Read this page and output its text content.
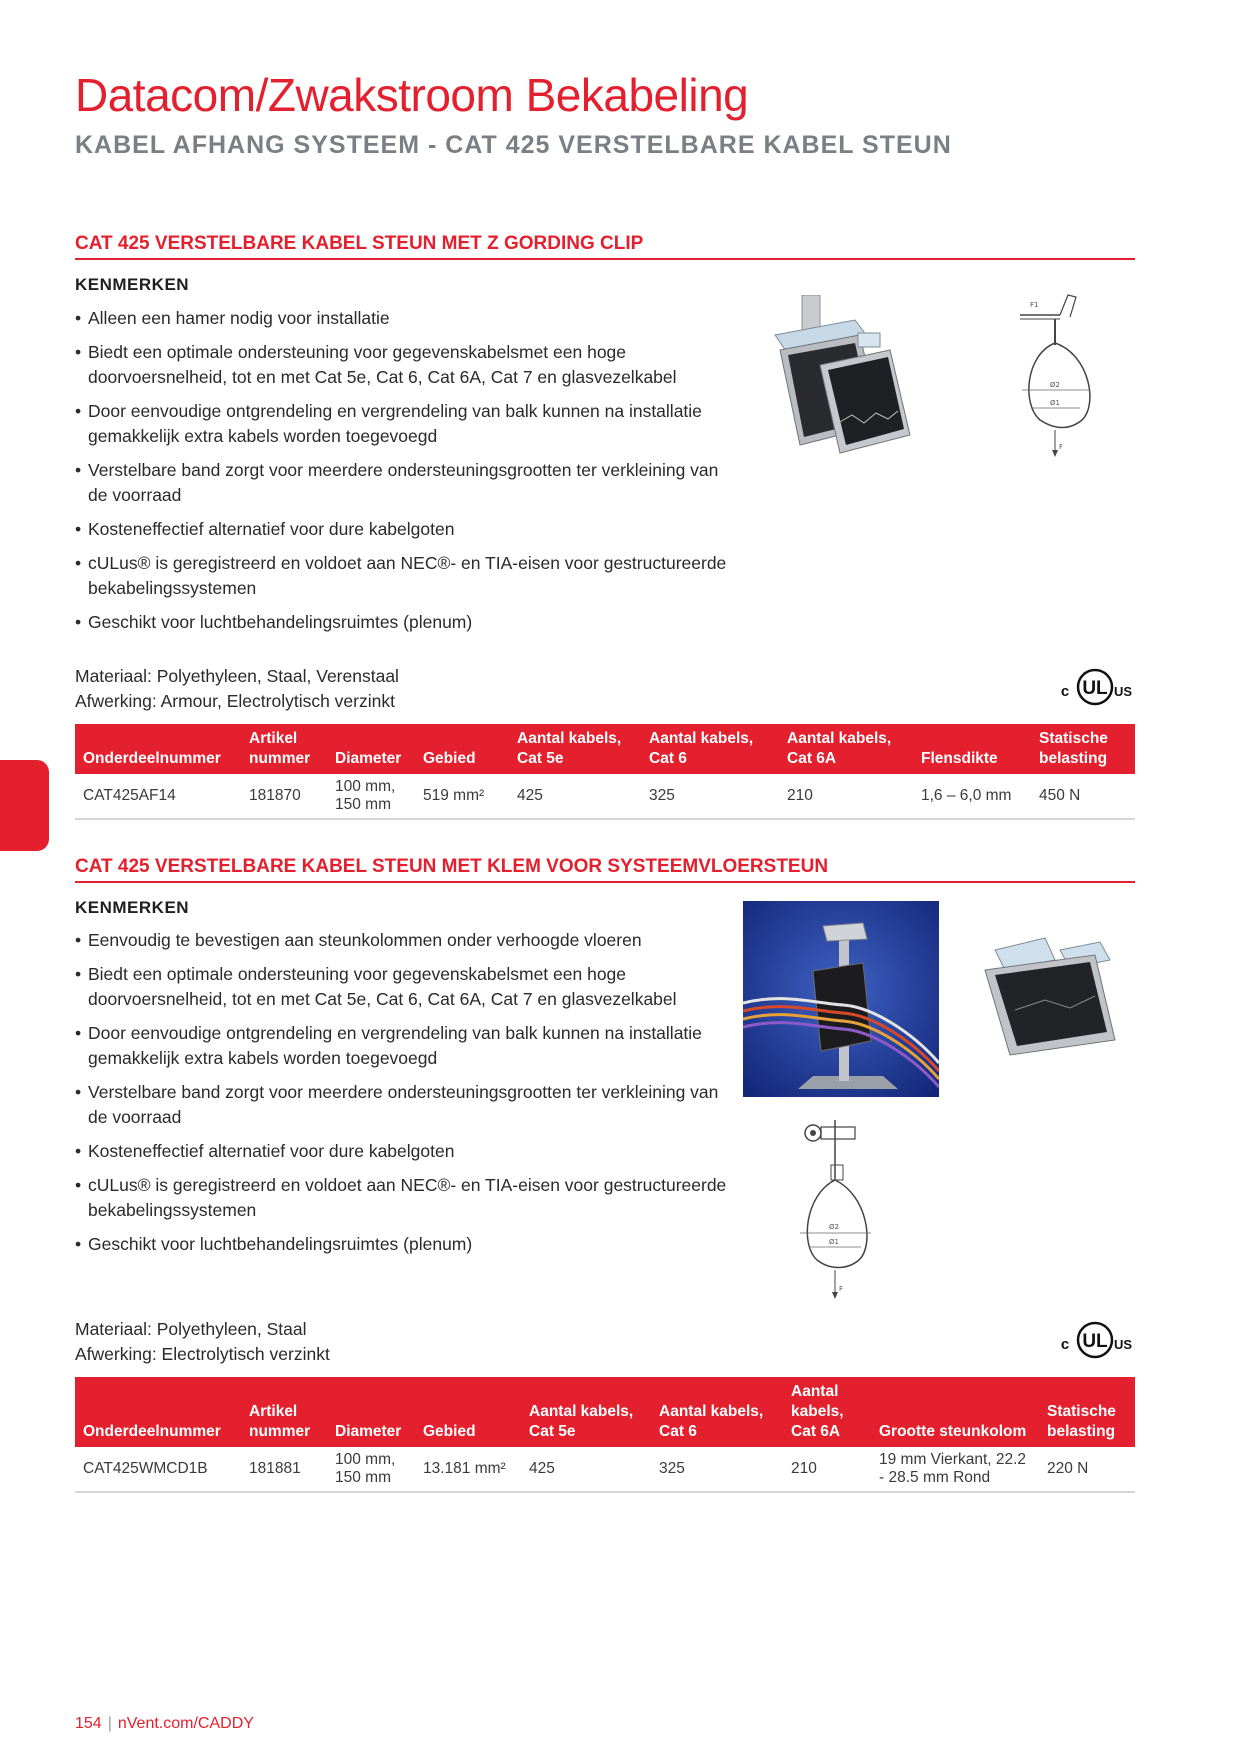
Datacom/Zwakstroom Bekabeling
KABEL AFHANG SYSTEEM - CAT 425 VERSTELBARE KABEL STEUN
CAT 425 VERSTELBARE KABEL STEUN MET Z GORDING CLIP
KENMERKEN
• Alleen een hamer nodig voor installatie
• Biedt een optimale ondersteuning voor gegevenskabelsmet een hoge doorvoersnelheid, tot en met Cat 5e, Cat 6, Cat 6A, Cat 7 en glasvezelkabel
• Door eenvoudige ontgrendeling en vergrendeling van balk kunnen na installatie gemakkelijk extra kabels worden toegevoegd
• Verstelbare band zorgt voor meerdere ondersteuningsgrootten ter verkleining van de voorraad
• Kosteneffectief alternatief voor dure kabelgoten
• cULus® is geregistreerd en voldoet aan NEC®- en TIA-eisen voor gestructureerde bekabelingssystemen
• Geschikt voor luchtbehandelingsruimtes (plenum)
F1
Ø2
Ø1
F
Materiaal: Polyethyleen, Staal, Verenstaal
Afwerking: Armour, Electrolytisch verzinkt
UL
c	US
Onderdeelnummer	Artikel nummer	Diameter	Gebied	Aantal kabels, Cat 5e	Aantal kabels, Cat 6	Aantal kabels, Cat 6A	Flensdikte	Statische belasting
CAT425AF14	181870	100 mm, 150 mm	519 mm²	425	325	210	1,6 – 6,0 mm	450 N
CAT 425 VERSTELBARE KABEL STEUN MET KLEM VOOR SYSTEEMVLOERSTEUN
KENMERKEN
• Eenvoudig te bevestigen aan steunkolommen onder verhoogde vloeren
• Biedt een optimale ondersteuning voor gegevenskabelsmet een hoge doorvoersnelheid, tot en met Cat 5e, Cat 6, Cat 6A, Cat 7 en glasvezelkabel
• Door eenvoudige ontgrendeling en vergrendeling van balk kunnen na installatie gemakkelijk extra kabels worden toegevoegd
• Verstelbare band zorgt voor meerdere ondersteuningsgrootten ter verkleining van de voorraad
• Kosteneffectief alternatief voor dure kabelgoten
• cULus® is geregistreerd en voldoet aan NEC®- en TIA-eisen voor gestructureerde bekabelingssystemen
• Geschikt voor luchtbehandelingsruimtes (plenum)
Ø2
Ø1
F
Materiaal: Polyethyleen, Staal
Afwerking: Electrolytisch verzinkt
UL
c	US
Onderdeelnummer	Artikel nummer	Diameter	Gebied	Aantal kabels, Cat 5e	Aantal kabels, Cat 6	Aantal kabels, Cat 6A	Grootte steunkolom	Statische belasting
CAT425WMCD1B	181881	100 mm, 150 mm	13.181 mm²	425	325	210	19 mm Vierkant, 22.2 - 28.5 mm Rond	220 N
154 | nVent.com/CADDY
